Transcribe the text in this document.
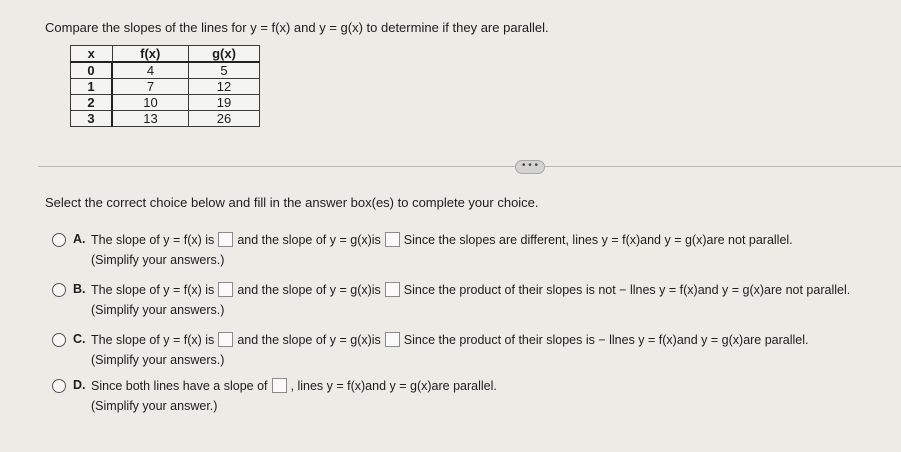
Compare the slopes of the lines for y = f(x) and y = g(x) to determine if they are parallel.
x	f(x)	g(x)
0	4	5
1	7	12
2	10	19
3	13	26
• • •
Select the correct choice below and fill in the answer box(es) to complete your choice.
A. The slope of y = f(x) is and the slope of y = g(x)is Since the slopes are different, lines y = f(x)and y = g(x)are not parallel.
(Simplify your answers.)
B. The slope of y = f(x) is and the slope of y = g(x)is Since the product of their slopes is not − llnes y = f(x)and y = g(x)are not parallel.
(Simplify your answers.)
C. The slope of y = f(x) is and the slope of y = g(x)is Since the product of their slopes is − llnes y = f(x)and y = g(x)are parallel.
(Simplify your answers.)
D. Since both lines have a slope of , lines y = f(x)and y = g(x)are parallel.
(Simplify your answer.)
